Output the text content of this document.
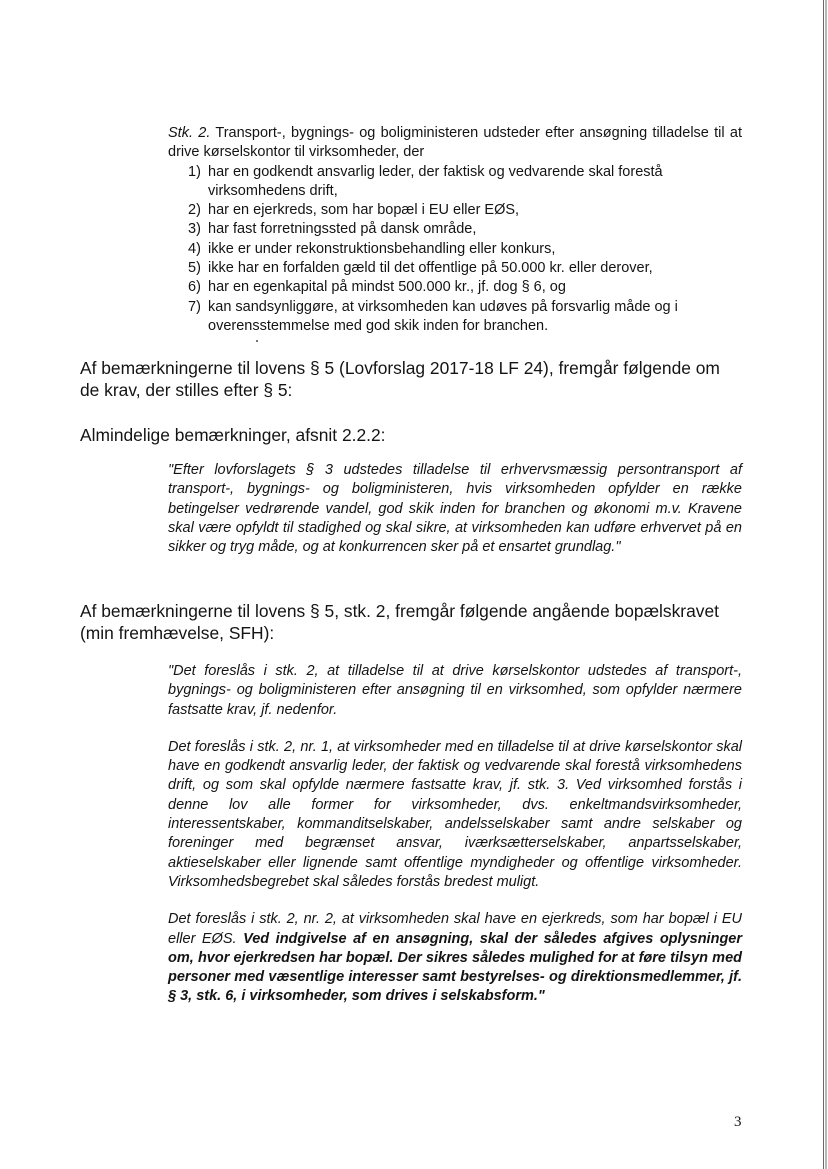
Stk. 2. Transport-, bygnings- og boligministeren udsteder efter ansøgning tilladelse til at drive kørselskontor til virksomheder, der

1) har en godkendt ansvarlig leder, der faktisk og vedvarende skal forestå virksomhedens drift,
2) har en ejerkreds, som har bopæl i EU eller EØS,
3) har fast forretningssted på dansk område,
4) ikke er under rekonstruktionsbehandling eller konkurs,
5) ikke har en forfalden gæld til det offentlige på 50.000 kr. eller derover,
6) har en egenkapital på mindst 500.000 kr., jf. dog § 6, og
7) kan sandsynliggøre, at virksomheden kan udøves på forsvarlig måde og i overensstemmelse med god skik inden for branchen.
Af bemærkningerne til lovens § 5 (Lovforslag 2017-18 LF 24), fremgår følgende om de krav, der stilles efter § 5:
Almindelige bemærkninger, afsnit 2.2.2:
"Efter lovforslagets § 3 udstedes tilladelse til erhvervsmæssig persontransport af transport-, bygnings- og boligministeren, hvis virksomheden opfylder en række betingelser vedrørende vandel, god skik inden for branchen og økonomi m.v. Kravene skal være opfyldt til stadighed og skal sikre, at virksomheden kan udføre erhvervet på en sikker og tryg måde, og at konkurrencen sker på et ensartet grundlag."
Af bemærkningerne til lovens § 5, stk. 2, fremgår følgende angående bopælskravet (min fremhævelse, SFH):

"Det foreslås i stk. 2, at tilladelse til at drive kørselskontor udstedes af transport-, bygnings- og boligministeren efter ansøgning til en virksomhed, som opfylder nærmere fastsatte krav, jf. nedenfor.

Det foreslås i stk. 2, nr. 1, at virksomheder med en tilladelse til at drive kørselskontor skal have en godkendt ansvarlig leder, der faktisk og vedvarende skal forestå virksomhedens drift, og som skal opfylde nærmere fastsatte krav, jf. stk. 3. Ved virksomhed forstås i denne lov alle former for virksomheder, dvs. enkeltmandsvirksomheder, interessentskaber, kommanditselskaber, andelsselskaber samt andre selskaber og foreninger med begrænset ansvar, iværksætterselskaber, anpartsselskaber, aktieselskaber eller lignende samt offentlige myndigheder og offentlige virksomheder. Virksomhedsbegrebet skal således forstås bredest muligt.

Det foreslås i stk. 2, nr. 2, at virksomheden skal have en ejerkreds, som har bopæl i EU eller EØS. Ved indgivelse af en ansøgning, skal der således afgives oplysninger om, hvor ejerkredsen har bopæl. Der sikres således mulighed for at føre tilsyn med personer med væsentlige interesser samt bestyrelses- og direktionsmedlemmer, jf. § 3, stk. 6, i virksomheder, som drives i selskabsform."

3
